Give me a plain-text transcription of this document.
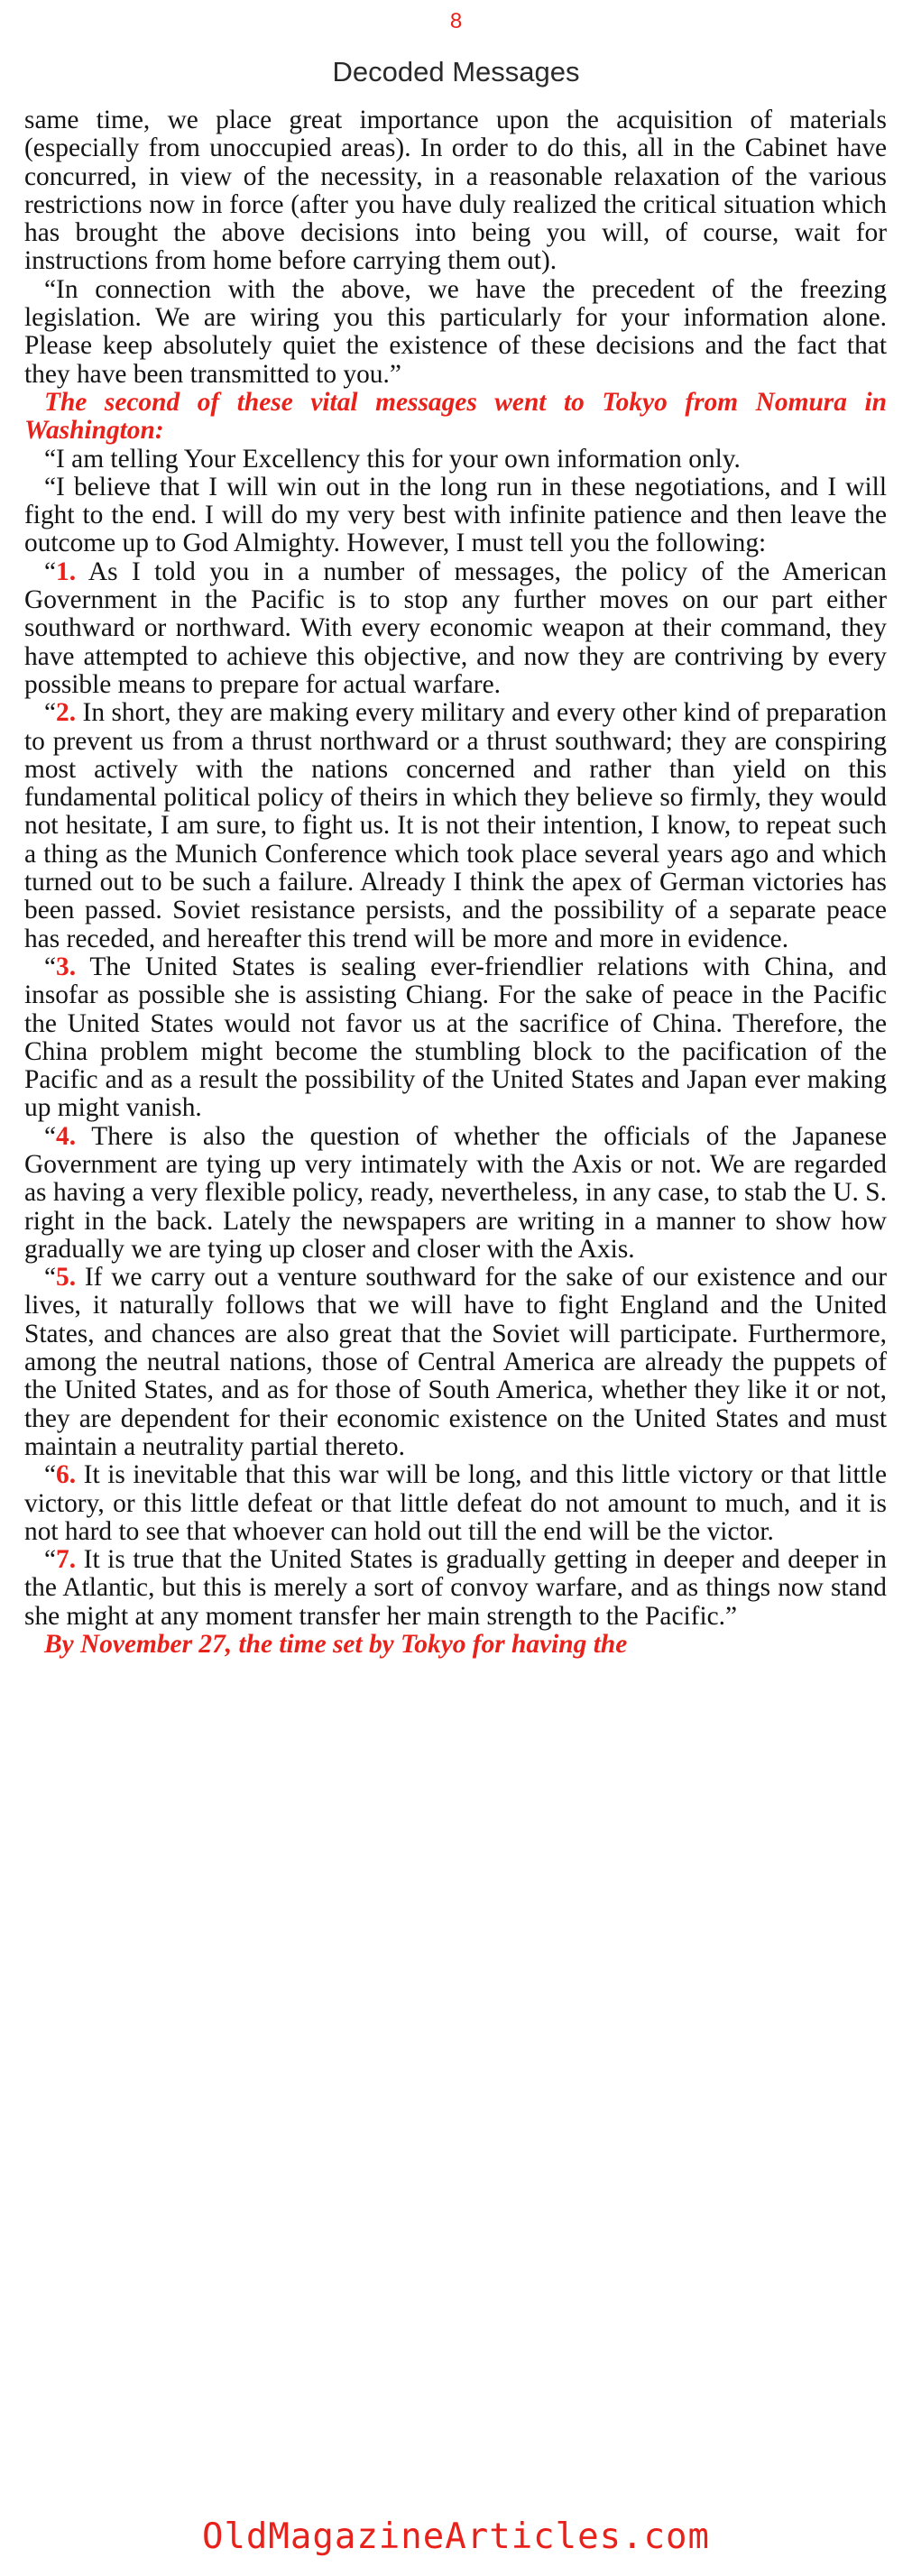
8
Decoded Messages

same time, we place great importance upon the acquisition of materials (especially from unoccupied areas). In order to do this, all in the Cabinet have concurred, in view of the necessity, in a reasonable relaxation of the various restrictions now in force (after you have duly realized the critical situation which has brought the above decisions into being you will, of course, wait for instructions from home before carrying them out).

“In connection with the above, we have the precedent of the freezing legislation. We are wiring you this particularly for your information alone. Please keep absolutely quiet the existence of these decisions and the fact that they have been transmitted to you.”

The second of these vital messages went to Tokyo from Nomura in Washington:

“I am telling Your Excellency this for your own information only.

“I believe that I will win out in the long run in these negotiations, and I will fight to the end. I will do my very best with infinite patience and then leave the outcome up to God Almighty. However, I must tell you the following:

“1. As I told you in a number of messages, the policy of the American Government in the Pacific is to stop any further moves on our part either southward or northward. With every economic weapon at their command, they have attempted to achieve this objective, and now they are contriving by every possible means to prepare for actual warfare.

“2. In short, they are making every military and every other kind of preparation to prevent us from a thrust northward or a thrust southward; they are conspiring most actively with the nations concerned and rather than yield on this fundamental political policy of theirs in which they believe so firmly, they would not hesitate, I am sure, to fight us. It is not their intention, I know, to repeat such a thing as the Munich Conference which took place several years ago and which turned out to be such a failure. Already I think the apex of German victories has been passed. Soviet resistance persists, and the possibility of a separate peace has receded, and hereafter this trend will be more and more in evidence.

“3. The United States is sealing ever-friendlier relations with China, and insofar as possible she is assisting Chiang. For the sake of peace in the Pacific the United States would not favor us at the sacrifice of China. Therefore, the China problem might become the stumbling block to the pacification of the Pacific and as a result the possibility of the United States and Japan ever making up might vanish.

“4. There is also the question of whether the officials of the Japanese Government are tying up very intimately with the Axis or not. We are regarded as having a very flexible policy, ready, nevertheless, in any case, to stab the U. S. right in the back. Lately the newspapers are writing in a manner to show how gradually we are tying up closer and closer with the Axis.

“5. If we carry out a venture southward for the sake of our existence and our lives, it naturally follows that we will have to fight England and the United States, and chances are also great that the Soviet will participate. Furthermore, among the neutral nations, those of Central America are already the puppets of the United States, and as for those of South America, whether they like it or not, they are dependent for their economic existence on the United States and must maintain a neutrality partial thereto.

“6. It is inevitable that this war will be long, and this little victory or that little victory, or this little defeat or that little defeat do not amount to much, and it is not hard to see that whoever can hold out till the end will be the victor.

“7. It is true that the United States is gradually getting in deeper and deeper in the Atlantic, but this is merely a sort of convoy warfare, and as things now stand she might at any moment transfer her main strength to the Pacific.”

By November 27, the time set by Tokyo for having the

OldMagazineArticles.com
